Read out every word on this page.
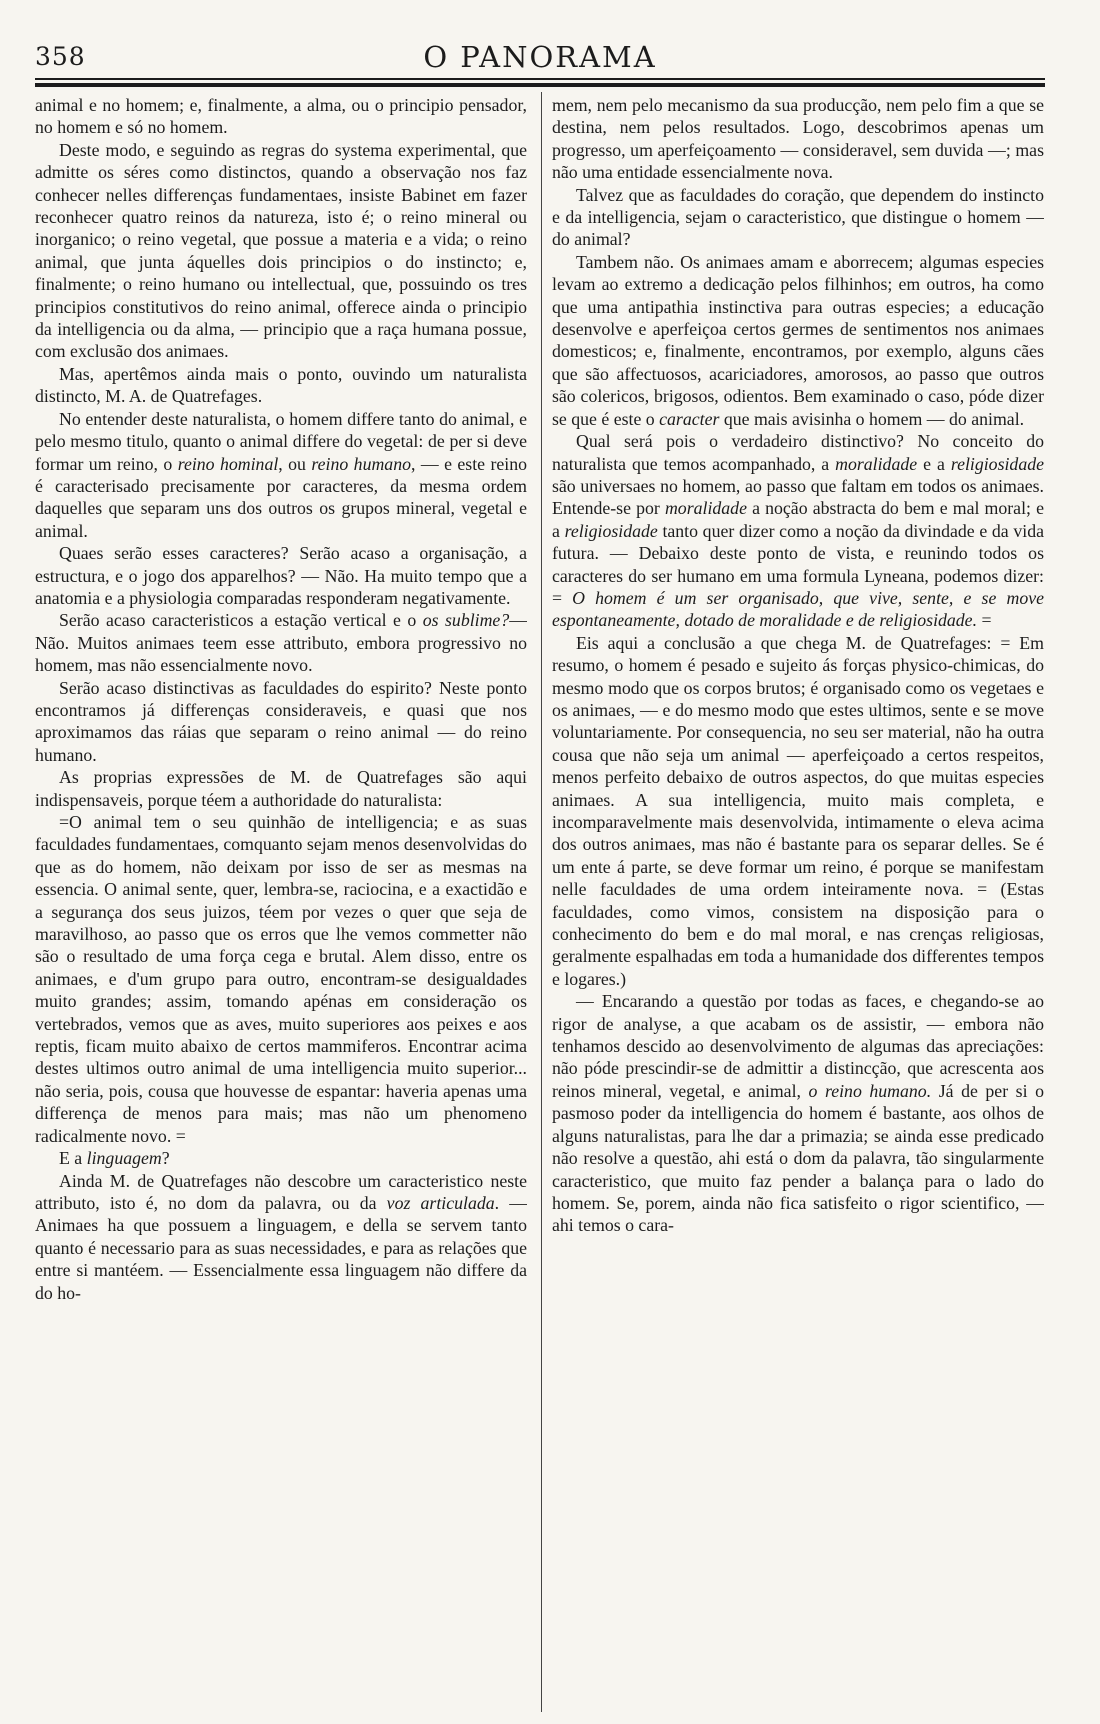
358	O PANORAMA

animal e no homem; e, finalmente, a alma, ou o principio pensador, no homem e só no homem.

Deste modo, e seguindo as regras do systema experimental, que admitte os séres como distinctos, quando a observação nos faz conhecer nelles differenças fundamentaes, insiste Babinet em fazer reconhecer quatro reinos da natureza, isto é; o reino mineral ou inorganico; o reino vegetal, que possue a materia e a vida; o reino animal, que junta áquelles dois principios o do instincto; e, finalmente; o reino humano ou intellectual, que, possuindo os tres principios constitutivos do reino animal, offerece ainda o principio da intelligencia ou da alma, — principio que a raça humana possue, com exclusão dos animaes.

Mas, apertêmos ainda mais o ponto, ouvindo um naturalista distincto, M. A. de Quatrefages.

No entender deste naturalista, o homem differe tanto do animal, e pelo mesmo titulo, quanto o animal differe do vegetal: de per si deve formar um reino, o reino hominal, ou reino humano, — e este reino é caracterisado precisamente por caracteres, da mesma ordem daquelles que separam uns dos outros os grupos mineral, vegetal e animal.

Quaes serão esses caracteres? Serão acaso a organisação, a estructura, e o jogo dos apparelhos? — Não. Ha muito tempo que a anatomia e a physiologia comparadas responderam negativamente.

Serão acaso caracteristicos a estação vertical e o os sublime?—Não. Muitos animaes teem esse attributo, embora progressivo no homem, mas não essencialmente novo.

Serão acaso distinctivas as faculdades do espirito? Neste ponto encontramos já differenças consideraveis, e quasi que nos aproximamos das ráias que separam o reino animal — do reino humano.

As proprias expressões de M. de Quatrefages são aqui indispensaveis, porque téem a authoridade do naturalista:

=O animal tem o seu quinhão de intelligencia; e as suas faculdades fundamentaes, comquanto sejam menos desenvolvidas do que as do homem, não deixam por isso de ser as mesmas na essencia. O animal sente, quer, lembra-se, raciocina, e a exactidão e a segurança dos seus juizos, téem por vezes o quer que seja de maravilhoso, ao passo que os erros que lhe vemos commetter não são o resultado de uma força cega e brutal. Alem disso, entre os animaes, e d'um grupo para outro, encontram-se desigualdades muito grandes; assim, tomando apénas em consideração os vertebrados, vemos que as aves, muito superiores aos peixes e aos reptis, ficam muito abaixo de certos mammiferos. Encontrar acima destes ultimos outro animal de uma intelligencia muito superior... não seria, pois, cousa que houvesse de espantar: haveria apenas uma differença de menos para mais; mas não um phenomeno radicalmente novo. =

E a linguagem?

Ainda M. de Quatrefages não descobre um caracteristico neste attributo, isto é, no dom da palavra, ou da voz articulada. — Animaes ha que possuem a linguagem, e della se servem tanto quanto é necessario para as suas necessidades, e para as relações que entre si mantéem. — Essencialmente essa linguagem não differe da do ho-

mem, nem pelo mecanismo da sua producção, nem pelo fim a que se destina, nem pelos resultados. Logo, descobrimos apenas um progresso, um aperfeiçoamento — consideravel, sem duvida —; mas não uma entidade essencialmente nova.

Talvez que as faculdades do coração, que dependem do instincto e da intelligencia, sejam o caracteristico, que distingue o homem — do animal?

Tambem não. Os animaes amam e aborrecem; algumas especies levam ao extremo a dedicação pelos filhinhos; em outros, ha como que uma antipathia instinctiva para outras especies; a educação desenvolve e aperfeiçoa certos germes de sentimentos nos animaes domesticos; e, finalmente, encontramos, por exemplo, alguns cães que são affectuosos, acariciadores, amorosos, ao passo que outros são colericos, brigosos, odientos. Bem examinado o caso, póde dizer se que é este o caracter que mais avisinha o homem — do animal.

Qual será pois o verdadeiro distinctivo? No conceito do naturalista que temos acompanhado, a moralidade e a religiosidade são universaes no homem, ao passo que faltam em todos os animaes. Entende-se por moralidade a noção abstracta do bem e mal moral; e a religiosidade tanto quer dizer como a noção da divindade e da vida futura. — Debaixo deste ponto de vista, e reunindo todos os caracteres do ser humano em uma formula Lyneana, podemos dizer: = O homem é um ser organisado, que vive, sente, e se move espontaneamente, dotado de moralidade e de religiosidade. =

Eis aqui a conclusão a que chega M. de Quatrefages: = Em resumo, o homem é pesado e sujeito ás forças physico-chimicas, do mesmo modo que os corpos brutos; é organisado como os vegetaes e os animaes, — e do mesmo modo que estes ultimos, sente e se move voluntariamente. Por consequencia, no seu ser material, não ha outra cousa que não seja um animal — aperfeiçoado a certos respeitos, menos perfeito debaixo de outros aspectos, do que muitas especies animaes. A sua intelligencia, muito mais completa, e incomparavelmente mais desenvolvida, intimamente o eleva acima dos outros animaes, mas não é bastante para os separar delles. Se é um ente á parte, se deve formar um reino, é porque se manifestam nelle faculdades de uma ordem inteiramente nova. = (Estas faculdades, como vimos, consistem na disposição para o conhecimento do bem e do mal moral, e nas crenças religiosas, geralmente espalhadas em toda a humanidade dos differentes tempos e logares.)

— Encarando a questão por todas as faces, e chegando-se ao rigor de analyse, a que acabam os de assistir, — embora não tenhamos descido ao desenvolvimento de algumas das apreciações: não póde prescindir-se de admittir a distincção, que acrescenta aos reinos mineral, vegetal, e animal, o reino humano. Já de per si o pasmoso poder da intelligencia do homem é bastante, aos olhos de alguns naturalistas, para lhe dar a primazia; se ainda esse predicado não resolve a questão, ahi está o dom da palavra, tão singularmente caracteristico, que muito faz pender a balança para o lado do homem. Se, porem, ainda não fica satisfeito o rigor scientifico, — ahi temos o cara-
